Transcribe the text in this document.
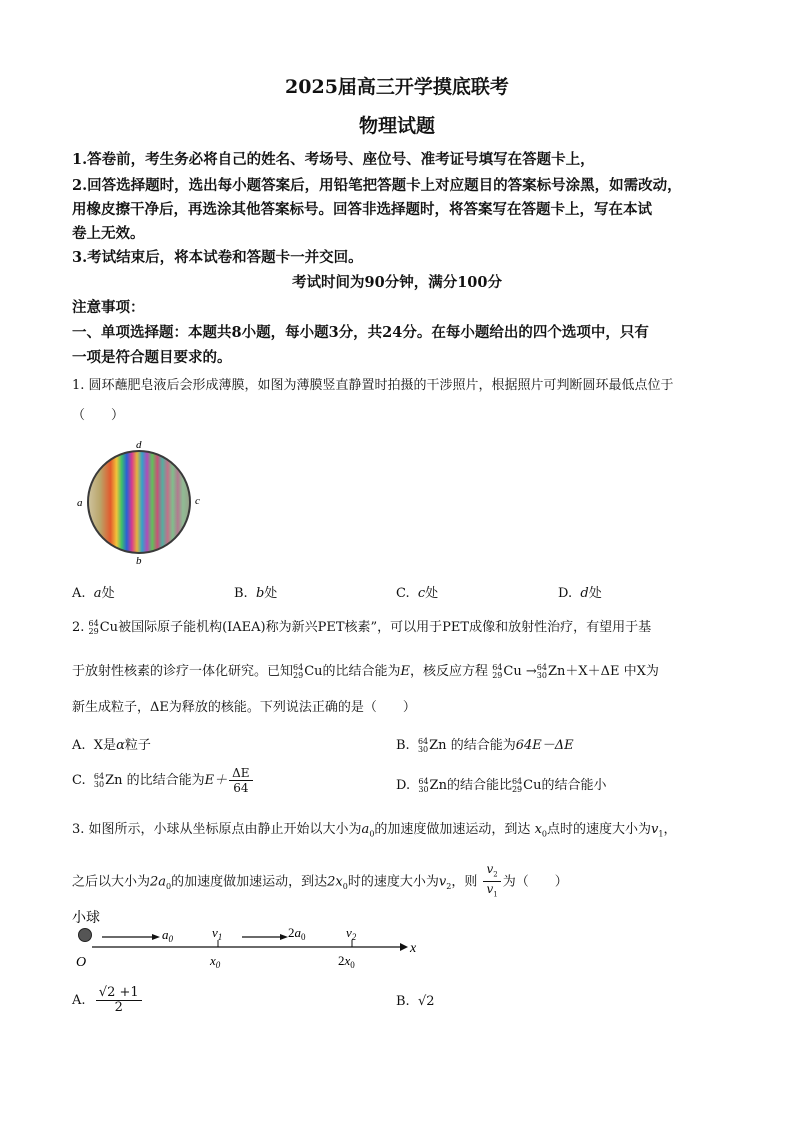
2025届高三开学摸底联考
物理试题
1.答卷前，考生务必将自己的姓名、考场号、座位号、准考证号填写在答题卡上，
2.回答选择题时，选出每小题答案后，用铅笔把答题卡上对应题目的答案标号涂黑，如需改动，
用橡皮擦干净后，再选涂其他答案标号。回答非选择题时，将答案写在答题卡上，写在本试
卷上无效。
3.考试结束后，将本试卷和答题卡一并交回。
考试时间为90分钟，满分100分
注意事项：
一、单项选择题：本题共8小题，每小题3分，共24分。在每小题给出的四个选项中，只有
一项是符合题目要求的。
1. 圆环蘸肥皂液后会形成薄膜，如图为薄膜竖直静置时拍摄的干涉照片，根据照片可判断圆环最低点位于
（　　）
d
a	c
b
A. a处	B. b处	C. c处	D. d处
2. 64
29 Cu被国际原子能机构(IAEA)称为新兴PET核素”，可以用于PET成像和放射性治疗，有望用于基
于放射性核素的诊疗一体化研究。已知 64
29 Cu的比结合能为E，核反应方程 64
29 Cu → 64
30 Zn＋X＋ΔE 中X为
新生成粒子，ΔE为释放的核能。下列说法正确的是（　　）
A. X是α粒子	B. 64
30 Zn 的结合能为64E－ΔE
C. 64
30 Zn 的比结合能为$E+ \frac{\Delta E}{64}$	D. 64
30 Zn的结合能比 64
29 Cu的结合能小
3. 如图所示，小球从坐标原点由静止开始以大小为$a_0$的加速度做加速运动，到达 $x_0$点时的速度大小为$v_1$，
之后以大小为$2a_0$的加速度做加速运动，到达$2x_0$时的速度大小为$v_2$，则 $\frac{v_2}{v_1}$ 为（　　）
小球
x
O
$a_0$	$v_1$
$x_0$
$2a_0$	$v_2$
$2x_0$
A. $\frac{√2 +1}{2}$	B. √2
